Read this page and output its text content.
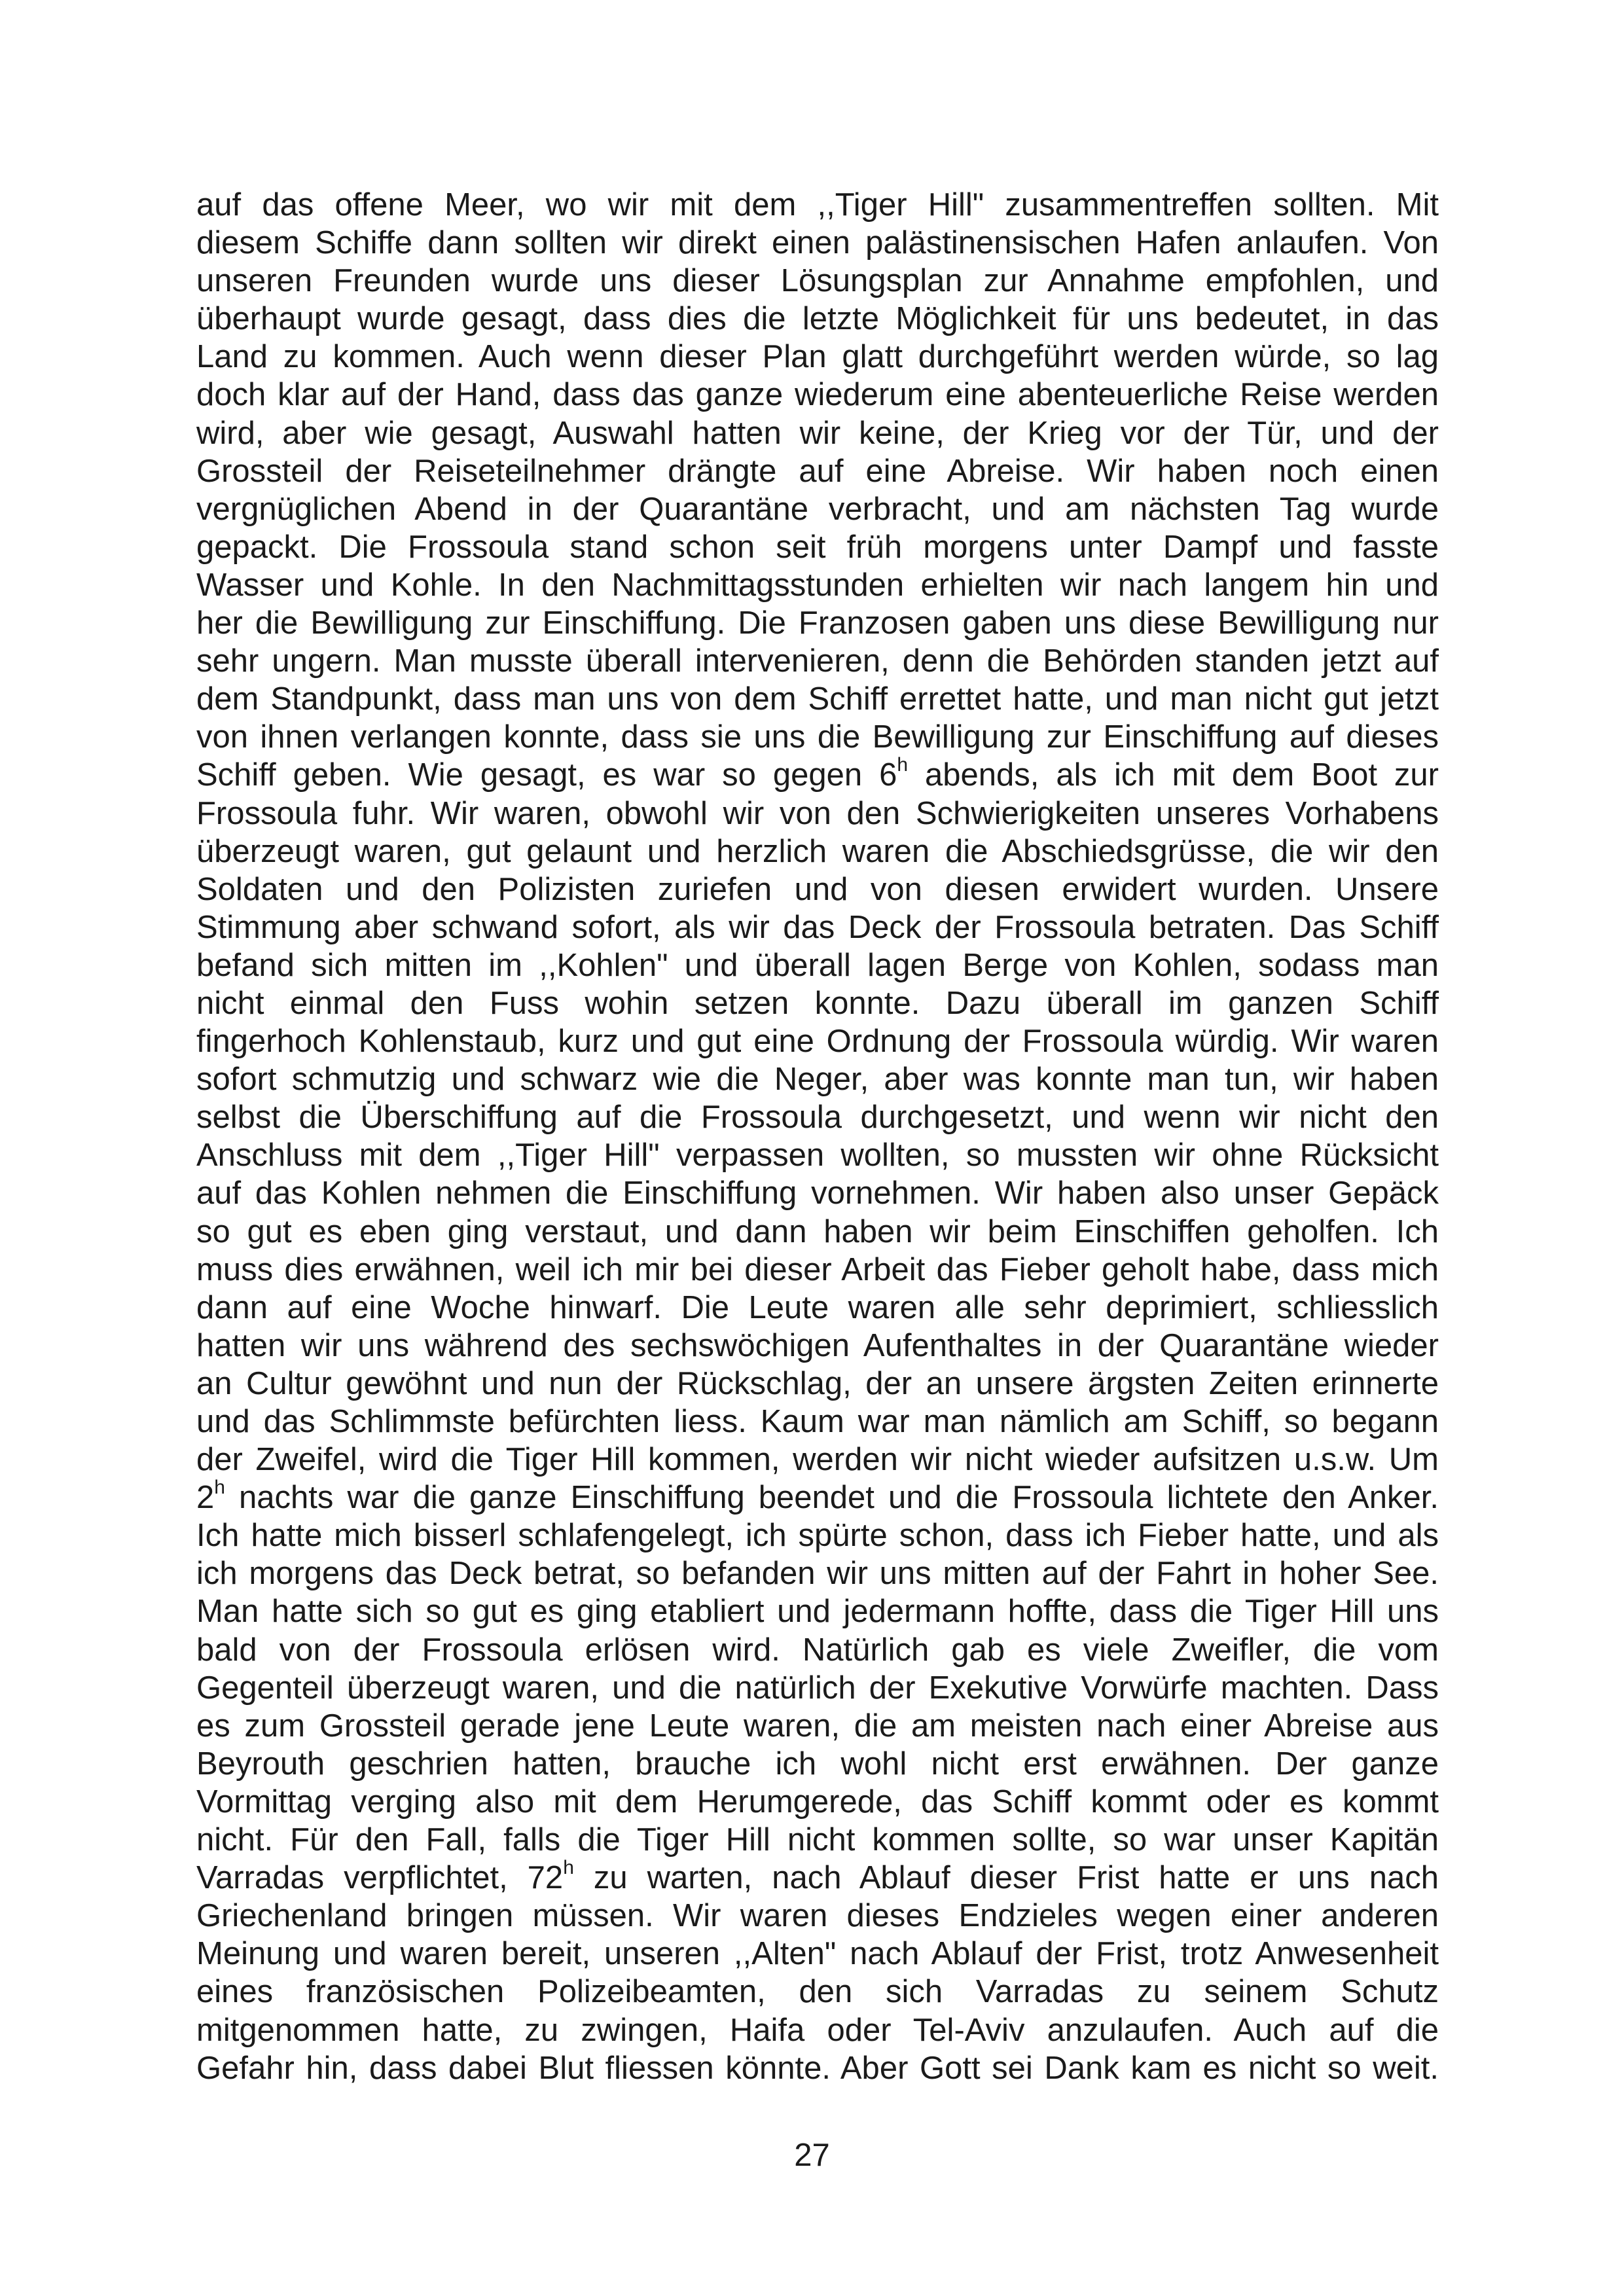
auf das offene Meer, wo wir mit dem ,,Tiger Hill" zusammentreffen sollten. Mit
diesem Schiffe dann sollten wir direkt einen palästinensischen Hafen anlaufen. Von
unseren Freunden wurde uns dieser Lösungsplan zur Annahme empfohlen, und
überhaupt wurde gesagt, dass dies die letzte Möglichkeit für uns bedeutet, in das
Land zu kommen. Auch wenn dieser Plan glatt durchgeführt werden würde, so lag
doch klar auf der Hand, dass das ganze wiederum eine abenteuerliche Reise werden
wird, aber wie gesagt, Auswahl hatten wir keine, der Krieg vor der Tür, und der
Grossteil der Reiseteilnehmer drängte auf eine Abreise. Wir haben noch einen
vergnüglichen Abend in der Quarantäne verbracht, und am nächsten Tag wurde
gepackt. Die Frossoula stand schon seit früh morgens unter Dampf und fasste
Wasser und Kohle. In den Nachmittagsstunden erhielten wir nach langem hin und
her die Bewilligung zur Einschiffung. Die Franzosen gaben uns diese Bewilligung nur
sehr ungern. Man musste überall intervenieren, denn die Behörden standen jetzt auf
dem Standpunkt, dass man uns von dem Schiff errettet hatte, und man nicht gut jetzt
von ihnen verlangen konnte, dass sie uns die Bewilligung zur Einschiffung auf dieses
Schiff geben. Wie gesagt, es war so gegen 6$^h$ abends, als ich mit dem Boot zur
Frossoula fuhr. Wir waren, obwohl wir von den Schwierigkeiten unseres Vorhabens
überzeugt waren, gut gelaunt und herzlich waren die Abschiedsgrüsse, die wir den
Soldaten und den Polizisten zuriefen und von diesen erwidert wurden. Unsere
Stimmung aber schwand sofort, als wir das Deck der Frossoula betraten. Das Schiff
befand sich mitten im ,,Kohlen" und überall lagen Berge von Kohlen, sodass man
nicht einmal den Fuss wohin setzen konnte. Dazu überall im ganzen Schiff
fingerhoch Kohlenstaub, kurz und gut eine Ordnung der Frossoula würdig. Wir waren
sofort schmutzig und schwarz wie die Neger, aber was konnte man tun, wir haben
selbst die Überschiffung auf die Frossoula durchgesetzt, und wenn wir nicht den
Anschluss mit dem ,,Tiger Hill" verpassen wollten, so mussten wir ohne Rücksicht
auf das Kohlen nehmen die Einschiffung vornehmen. Wir haben also unser Gepäck
so gut es eben ging verstaut, und dann haben wir beim Einschiffen geholfen. Ich
muss dies erwähnen, weil ich mir bei dieser Arbeit das Fieber geholt habe, dass mich
dann auf eine Woche hinwarf. Die Leute waren alle sehr deprimiert, schliesslich
hatten wir uns während des sechswöchigen Aufenthaltes in der Quarantäne wieder
an Cultur gewöhnt und nun der Rückschlag, der an unsere ärgsten Zeiten erinnerte
und das Schlimmste befürchten liess. Kaum war man nämlich am Schiff, so begann
der Zweifel, wird die Tiger Hill kommen, werden wir nicht wieder aufsitzen u.s.w. Um
2$^h$ nachts war die ganze Einschiffung beendet und die Frossoula lichtete den Anker.
Ich hatte mich bisserl schlafengelegt, ich spürte schon, dass ich Fieber hatte, und als
ich morgens das Deck betrat, so befanden wir uns mitten auf der Fahrt in hoher See.
Man hatte sich so gut es ging etabliert und jedermann hoffte, dass die Tiger Hill uns
bald von der Frossoula erlösen wird. Natürlich gab es viele Zweifler, die vom
Gegenteil überzeugt waren, und die natürlich der Exekutive Vorwürfe machten. Dass
es zum Grossteil gerade jene Leute waren, die am meisten nach einer Abreise aus
Beyrouth geschrien hatten, brauche ich wohl nicht erst erwähnen. Der ganze
Vormittag verging also mit dem Herumgerede, das Schiff kommt oder es kommt
nicht. Für den Fall, falls die Tiger Hill nicht kommen sollte, so war unser Kapitän
Varradas verpflichtet, 72$^h$ zu warten, nach Ablauf dieser Frist hatte er uns nach
Griechenland bringen müssen. Wir waren dieses Endzieles wegen einer anderen
Meinung und waren bereit, unseren ,,Alten" nach Ablauf der Frist, trotz Anwesenheit
eines französischen Polizeibeamten, den sich Varradas zu seinem Schutz
mitgenommen hatte, zu zwingen, Haifa oder Tel-Aviv anzulaufen. Auch auf die
Gefahr hin, dass dabei Blut fliessen könnte. Aber Gott sei Dank kam es nicht so weit.
27
